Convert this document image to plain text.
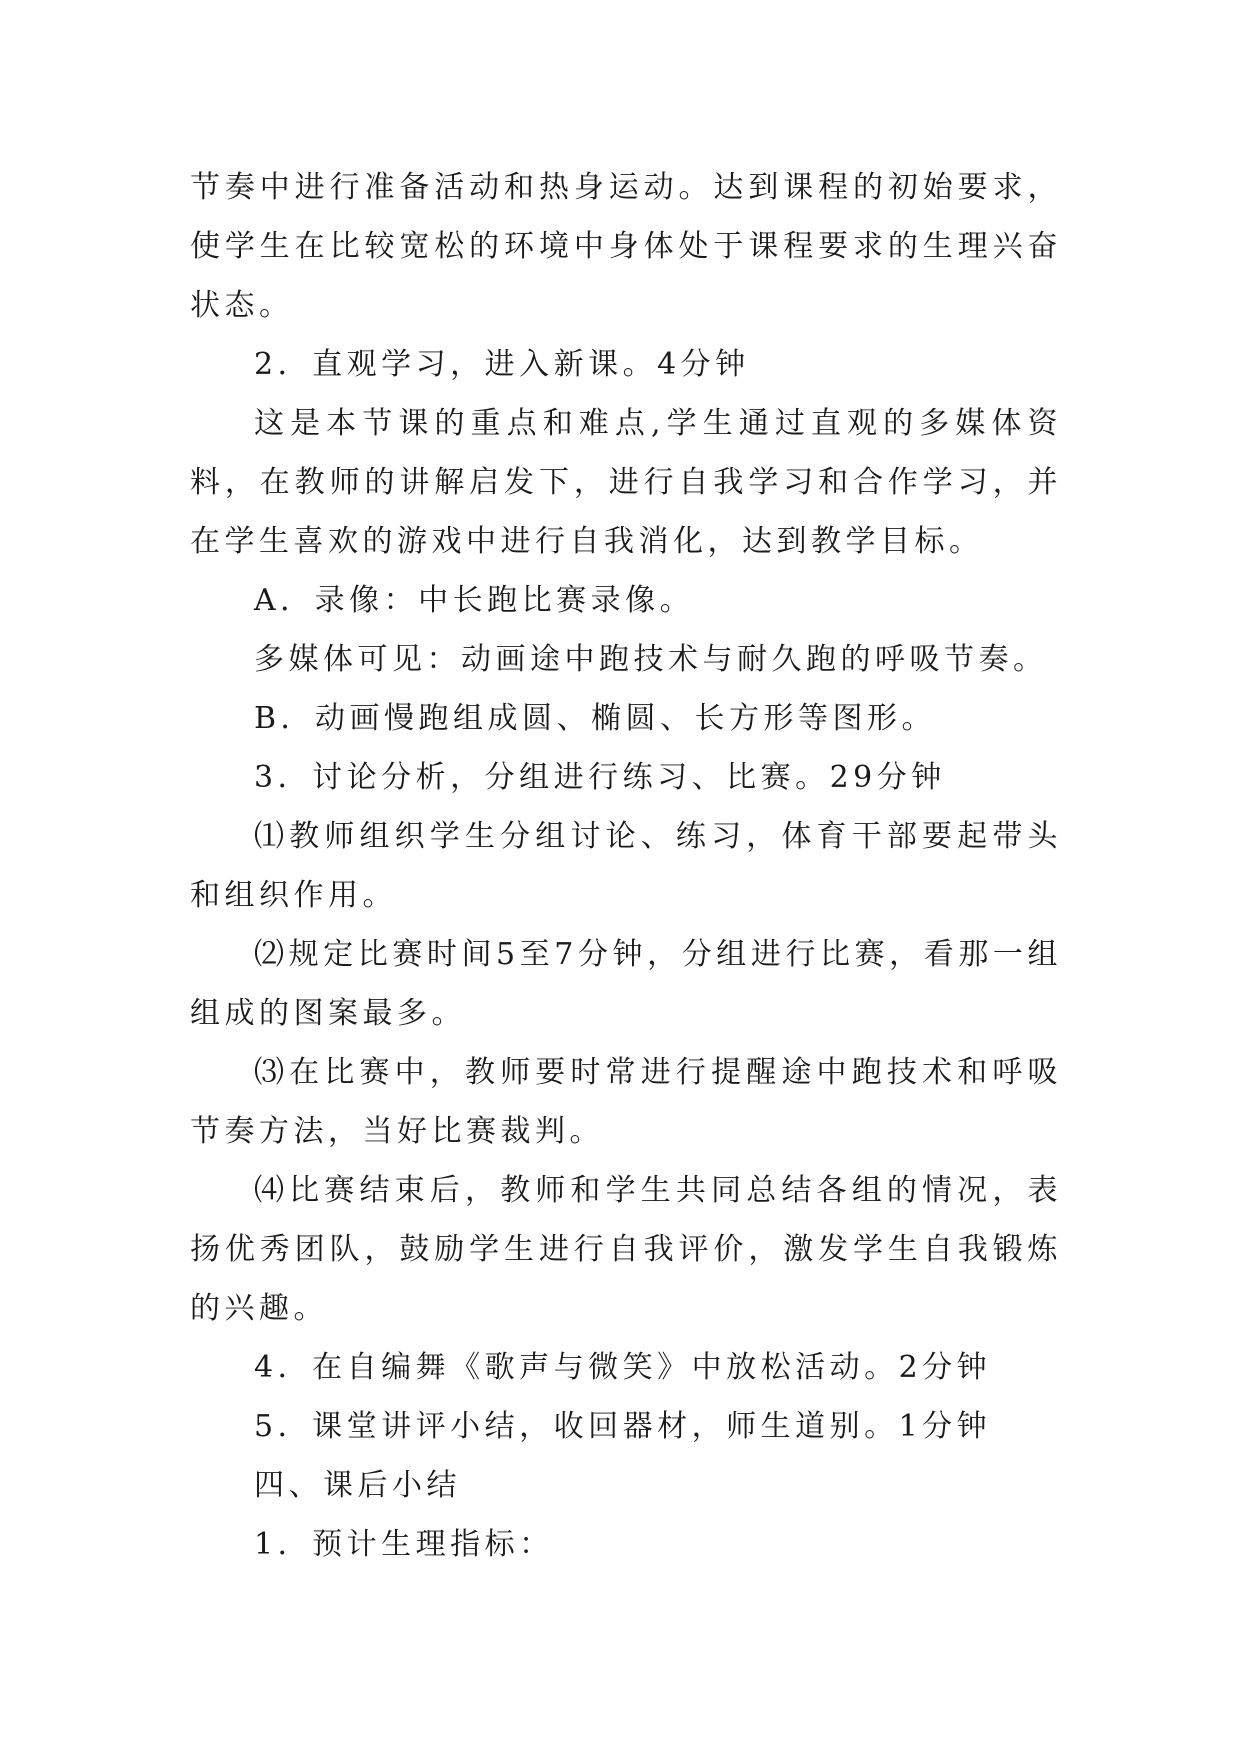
节奏中进行准备活动和热身运动。达到课程的初始要求，使学生在比较宽松的环境中身体处于课程要求的生理兴奋状态。

2．直观学习，进入新课。4分钟

这是本节课的重点和难点,学生通过直观的多媒体资料，在教师的讲解启发下，进行自我学习和合作学习，并在学生喜欢的游戏中进行自我消化，达到教学目标。

A．录像：中长跑比赛录像。

多媒体可见：动画途中跑技术与耐久跑的呼吸节奏。

B．动画慢跑组成圆、椭圆、长方形等图形。

3．讨论分析，分组进行练习、比赛。29分钟

⑴教师组织学生分组讨论、练习，体育干部要起带头和组织作用。

⑵规定比赛时间5至7分钟，分组进行比赛，看那一组组成的图案最多。

⑶在比赛中，教师要时常进行提醒途中跑技术和呼吸节奏方法，当好比赛裁判。

⑷比赛结束后，教师和学生共同总结各组的情况，表扬优秀团队，鼓励学生进行自我评价，激发学生自我锻炼的兴趣。

4．在自编舞《歌声与微笑》中放松活动。2分钟

5．课堂讲评小结，收回器材，师生道别。1分钟

四、课后小结

1．预计生理指标：
